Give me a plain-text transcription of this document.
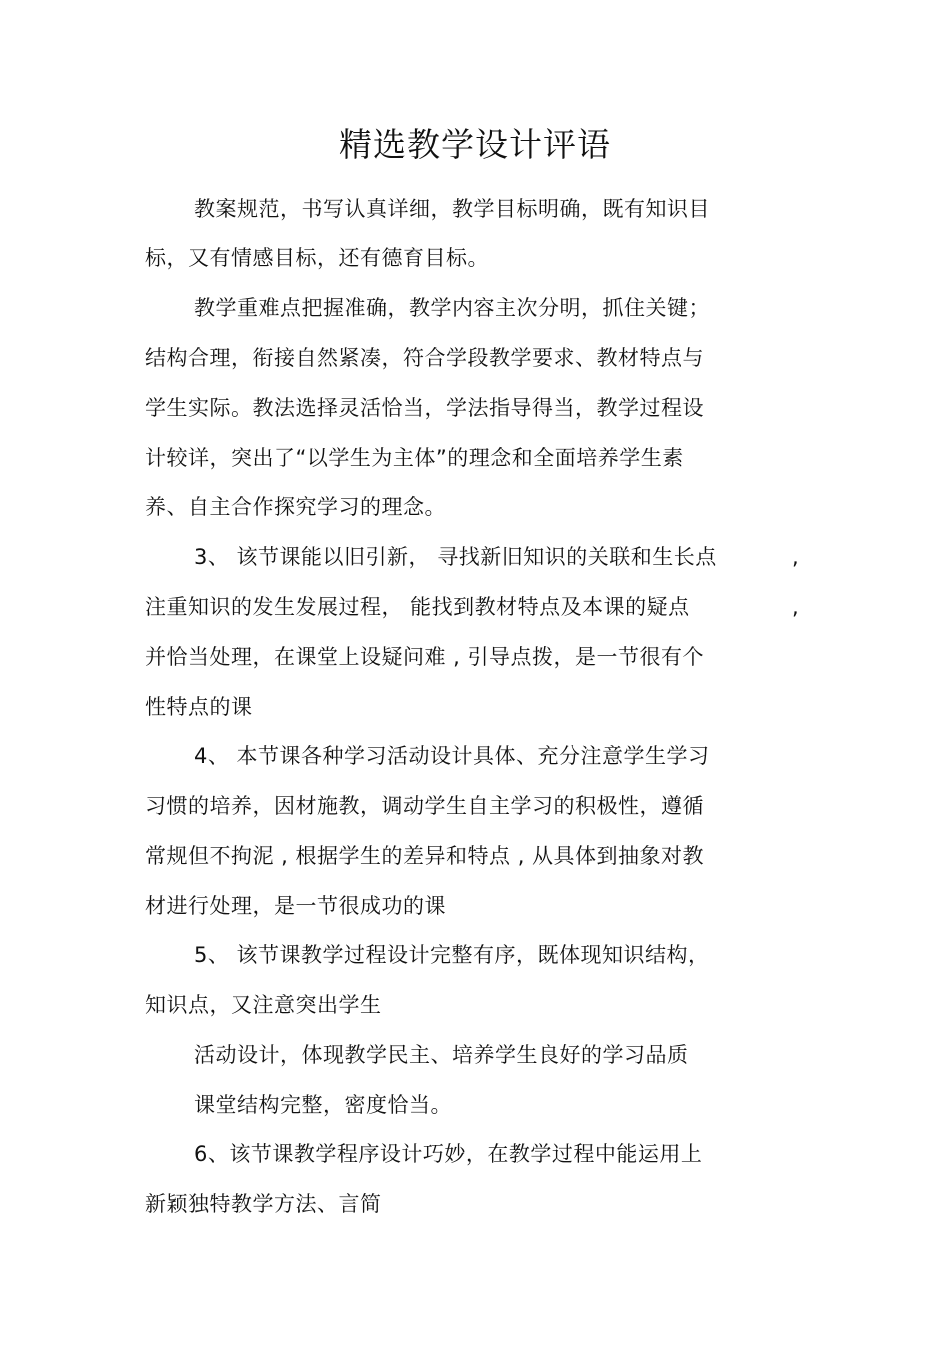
精选教学设计评语
教案规范，书写认真详细，教学目标明确，既有知识目
标，又有情感目标，还有德育目标。
教学重难点把握准确，教学内容主次分明，抓住关键；
结构合理，衔接自然紧凑，符合学段教学要求、教材特点与
学生实际。教法选择灵活恰当，学法指导得当，教学过程设
计较详，突出了“以学生为主体”的理念和全面培养学生素
养、自主合作探究学习的理念。
3、 该节课能以旧引新， 寻找新旧知识的关联和生长点	,
注重知识的发生发展过程， 能找到教材特点及本课的疑点	,
并恰当处理，在课堂上设疑问难 , 引导点拨，是一节很有个
性特点的课
4、 本节课各种学习活动设计具体、充分注意学生学习
习惯的培养，因材施教，调动学生自主学习的积极性，遵循
常规但不拘泥 , 根据学生的差异和特点 , 从具体到抽象对教
材进行处理，是一节很成功的课
5、 该节课教学过程设计完整有序，既体现知识结构，
知识点，又注意突出学生
活动设计，体现教学民主、培养学生良好的学习品质
课堂结构完整，密度恰当。
6、该节课教学程序设计巧妙，在教学过程中能运用上
新颖独特教学方法、言简
